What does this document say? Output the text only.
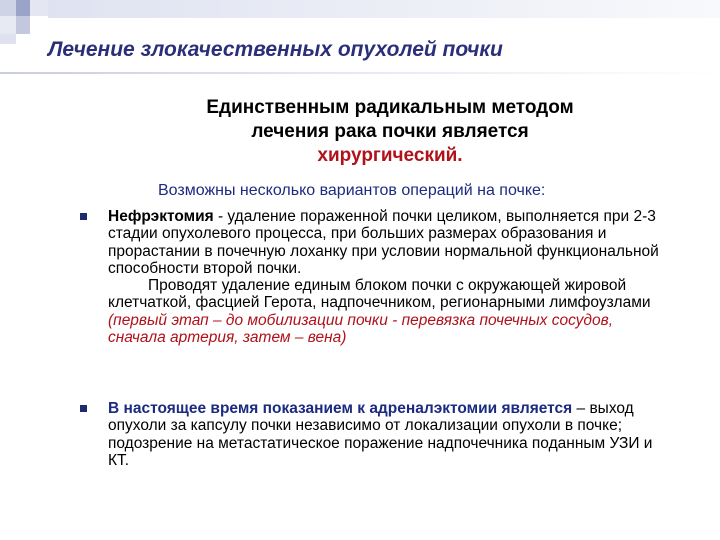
Лечение злокачественных опухолей почки
Единственным радикальным методом
лечения рака почки является
хирургический.
Возможны несколько вариантов операций на почке:
Нефрэктомия - удаление пораженной почки целиком, выполняется при 2-3 стадии опухолевого процесса, при больших размерах образования и прорастании в почечную лоханку при условии нормальной функциональной способности второй почки.
Проводят удаление единым блоком почки с окружающей жировой клетчаткой, фасцией Герота, надпочечником, регионарными лимфоузлами (первый этап – до мобилизации почки - перевязка почечных сосудов, сначала артерия, затем – вена)
В настоящее время показанием к адреналэктомии является – выход опухоли за капсулу почки независимо от локализации опухоли в почке; подозрение на метастатическое поражение надпочечника поданным УЗИ и КТ.
